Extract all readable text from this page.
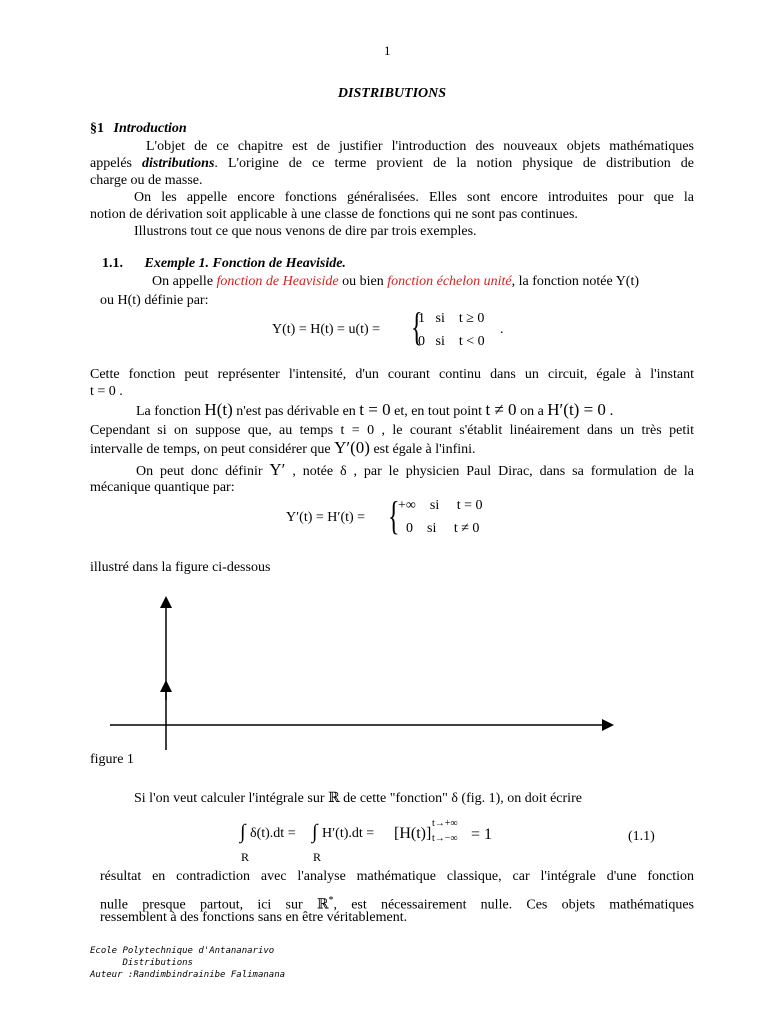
1
DISTRIBUTIONS
§1 Introduction
L'objet de ce chapitre est de justifier l'introduction des nouveaux objets mathématiques
appelés distributions. L'origine de ce terme provient de la notion physique de distribution de
charge ou de masse.
On les appelle encore fonctions généralisées. Elles sont encore introduites pour que la
notion de dérivation soit applicable à une classe de fonctions qui ne sont pas continues.
Illustrons tout ce que nous venons de dire par trois exemples.
1.1. Exemple 1. Fonction de Heaviside.
On appelle fonction de Heaviside ou bien fonction échelon unité, la fonction notée Y(t)
ou H(t) définie par:
Y(t) = H(t) = u(t) = {
1   si    t ≥ 0
0   si    t < 0
.
Cette fonction peut représenter l'intensité, d'un courant continu dans un circuit, égale à l'instant
t = 0 .
La fonction H(t) n'est pas dérivable en t = 0 et, en tout point t ≠ 0 on a H′(t) = 0 .
Cependant si on suppose que, au temps t = 0 , le courant s'établit linéairement dans un très petit
intervalle de temps, on peut considérer que Y′(0) est égale à l'infini.
On peut donc définir Y′ , notée δ , par le physicien Paul Dirac, dans sa formulation de la
mécanique quantique par:
Y′(t) = H′(t) = {
+∞    si     t = 0
0    si     t ≠ 0
illustré dans la figure ci-dessous
figure 1
Si l'on veut calculer l'intégrale sur ℝ de cette "fonction" δ (fig. 1), on doit écrire
∫ δ(t).dt =
R
∫ H′(t).dt =
R
[H(t)]
t→+∞
t→−∞ = 1	(1.1)
résultat en contradiction avec l'analyse mathématique classique, car l'intégrale d'une fonction
nulle presque partout, ici sur ℝ*, est nécessairement nulle. Ces objets mathématiques
ressemblent à des fonctions sans en être véritablement.
Ecole Polytechnique d'Antananarivo
Distributions
Auteur :Randimbindrainibe Falimanana
